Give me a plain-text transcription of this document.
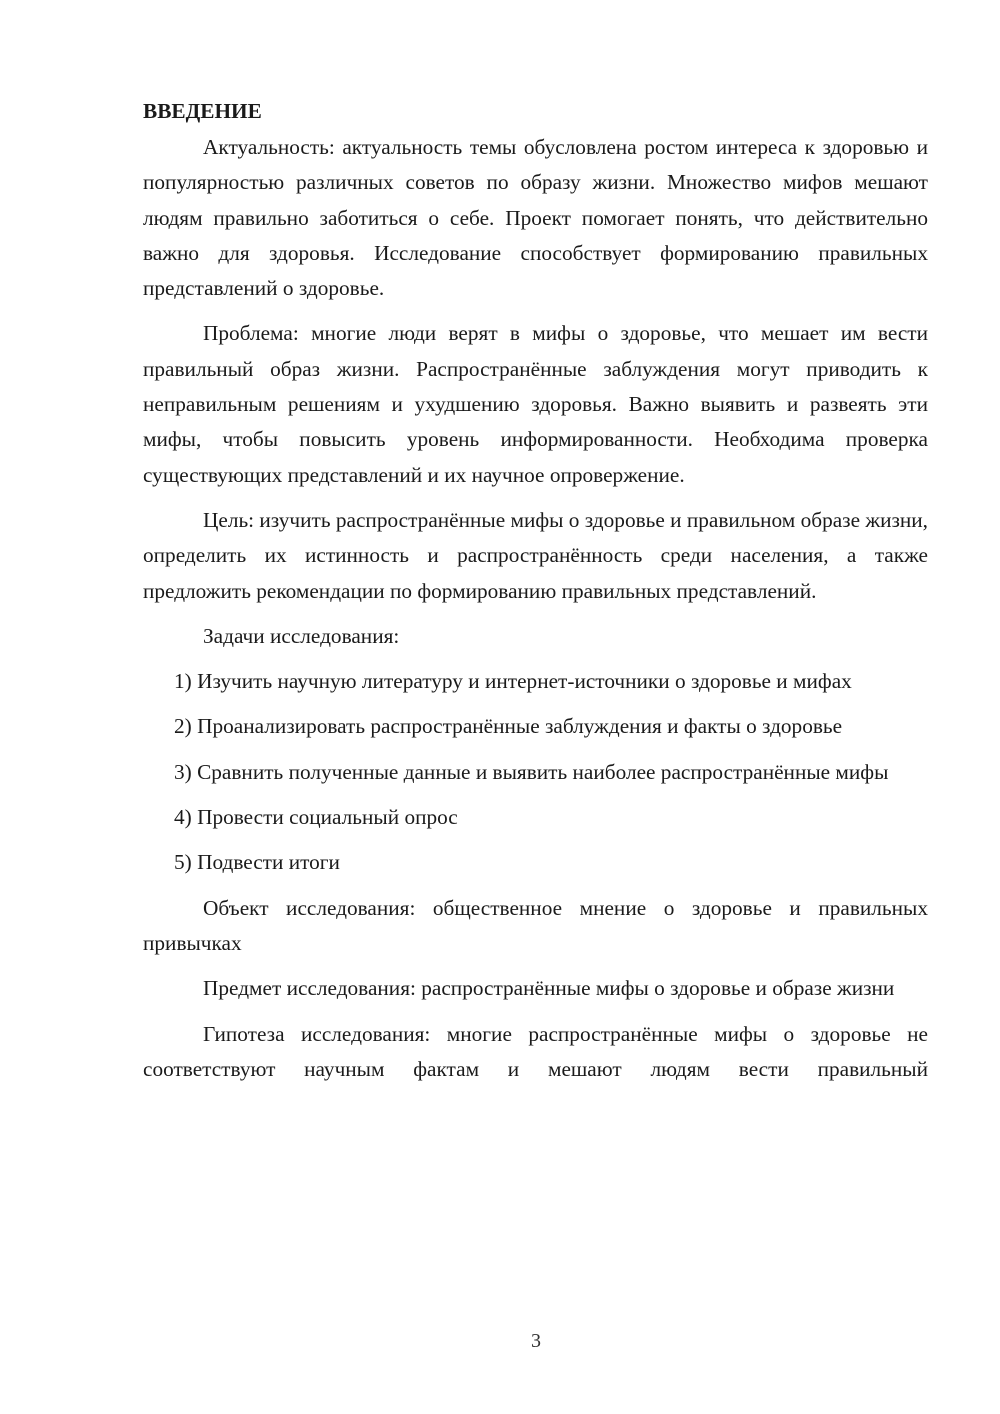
ВВЕДЕНИЕ

Актуальность: актуальность темы обусловлена ростом интереса к здоровью и популярностью различных советов по образу жизни. Множество мифов мешают людям правильно заботиться о себе. Проект помогает понять, что действительно важно для здоровья. Исследование способствует формированию правильных представлений о здоровье.

Проблема: многие люди верят в мифы о здоровье, что мешает им вести правильный образ жизни. Распространённые заблуждения могут приводить к неправильным решениям и ухудшению здоровья. Важно выявить и развеять эти мифы, чтобы повысить уровень информированности. Необходима проверка существующих представлений и их научное опровержение.

Цель: изучить распространённые мифы о здоровье и правильном образе жизни, определить их истинность и распространённость среди населения, а также предложить рекомендации по формированию правильных представлений.

Задачи исследования:

1) Изучить научную литературу и интернет-источники о здоровье и мифах

2) Проанализировать распространённые заблуждения и факты о здоровье

3) Сравнить полученные данные и выявить наиболее распространённые мифы

4) Провести социальный опрос

5) Подвести итоги

Объект исследования: общественное мнение о здоровье и правильных привычках

Предмет исследования: распространённые мифы о здоровье и образе жизни

Гипотеза исследования: многие распространённые мифы о здоровье не соответствуют научным фактам и мешают людям вести правильный

3
